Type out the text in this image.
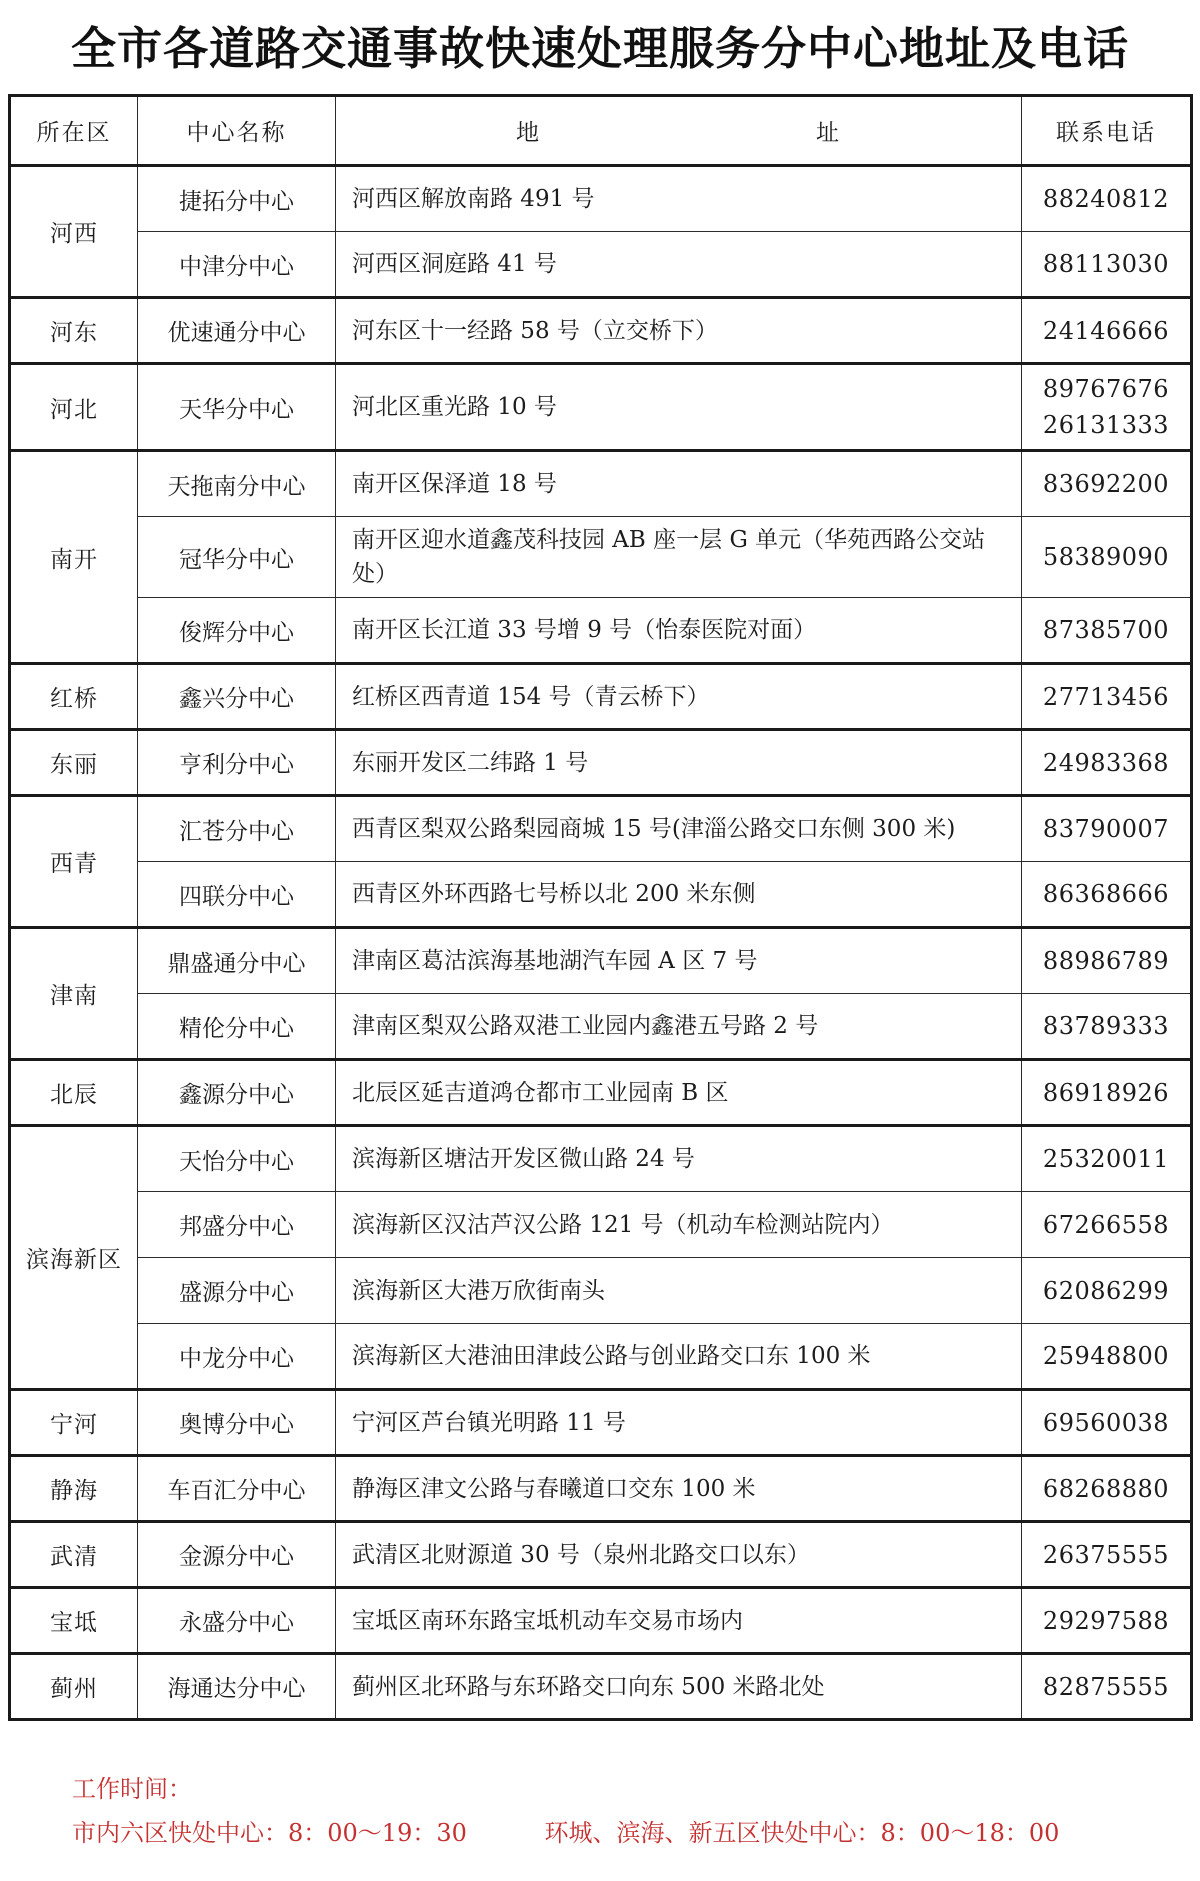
全市各道路交通事故快速处理服务分中心地址及电话
所在区	中心名称	地　　　　　　　　　　　址	联系电话
河西	捷拓分中心	河西区解放南路 491 号	88240812

	中津分中心	河西区洞庭路 41 号	88113030

河东	优速通分中心	河东区十一经路 58 号（立交桥下）	24146666

河北	天华分中心	河北区重光路 10 号	89767676
26131333

南开	天拖南分中心	南开区保泽道 18 号	83692200

	冠华分中心	南开区迎水道鑫茂科技园 AB 座一层 G 单元（华苑西路公交站处）	58389090

	俊辉分中心	南开区长江道 33 号增 9 号（怡泰医院对面）	87385700

红桥	鑫兴分中心	红桥区西青道 154 号（青云桥下）	27713456

东丽	亨利分中心	东丽开发区二纬路 1 号	24983368

西青	汇苍分中心	西青区梨双公路梨园商城 15 号(津淄公路交口东侧 300 米)	83790007

	四联分中心	西青区外环西路七号桥以北 200 米东侧	86368666

津南	鼎盛通分中心	津南区葛沽滨海基地湖汽车园 A 区 7 号	88986789

	精伦分中心	津南区梨双公路双港工业园内鑫港五号路 2 号	83789333

北辰	鑫源分中心	北辰区延吉道鸿仓都市工业园南 B 区	86918926

滨海新区	天怡分中心	滨海新区塘沽开发区微山路 24 号	25320011

	邦盛分中心	滨海新区汉沽芦汉公路 121 号（机动车检测站院内）	67266558

	盛源分中心	滨海新区大港万欣街南头	62086299

	中龙分中心	滨海新区大港油田津歧公路与创业路交口东 100 米	25948800

宁河	奥博分中心	宁河区芦台镇光明路 11 号	69560038

静海	车百汇分中心	静海区津文公路与春曦道口交东 100 米	68268880

武清	金源分中心	武清区北财源道 30 号（泉州北路交口以东）	26375555

宝坻	永盛分中心	宝坻区南环东路宝坻机动车交易市场内	29297588

蓟州	海通达分中心	蓟州区北环路与东环路交口向东 500 米路北处	82875555
工作时间：
市内六区快处中心：8：00～19：30	环城、滨海、新五区快处中心：8：00～18：00
